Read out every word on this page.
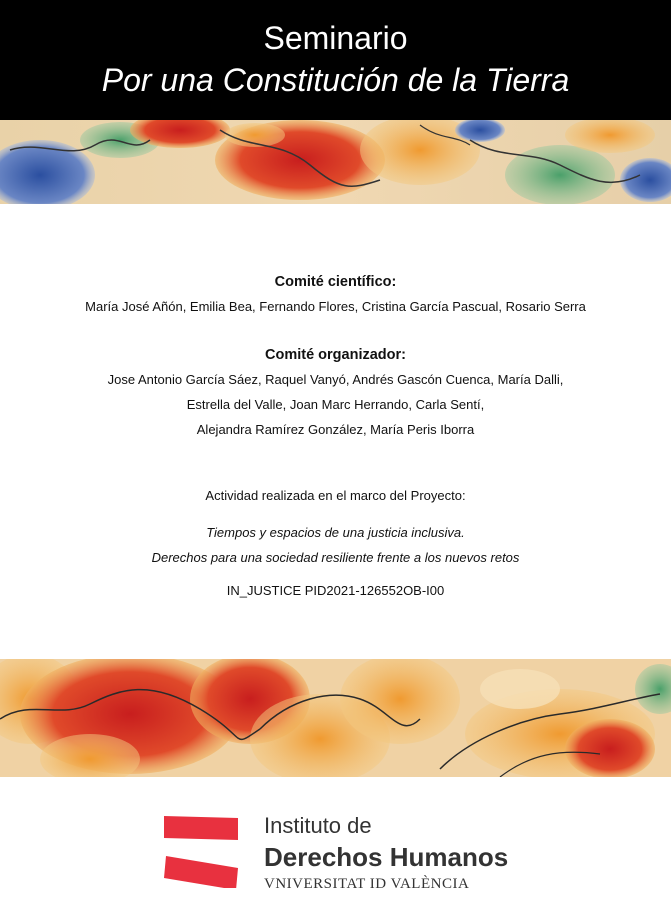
Seminario
Por una Constitución de la Tierra
Comité científico:
María José Añón, Emilia Bea, Fernando Flores, Cristina García Pascual, Rosario Serra
Comité organizador:
Jose Antonio García Sáez, Raquel Vanyó, Andrés Gascón Cuenca, María Dalli,
Estrella del Valle, Joan Marc Herrando, Carla Sentí,
Alejandra Ramírez González, María Peris Iborra
Actividad realizada en el marco del Proyecto:
Tiempos y espacios de una justicia inclusiva.
Derechos para una sociedad resiliente frente a los nuevos retos
IN_JUSTICE PID2021-126552OB-I00
Instituto de
Derechos Humanos
VNIVERSITAT ID VALÈNCIA
